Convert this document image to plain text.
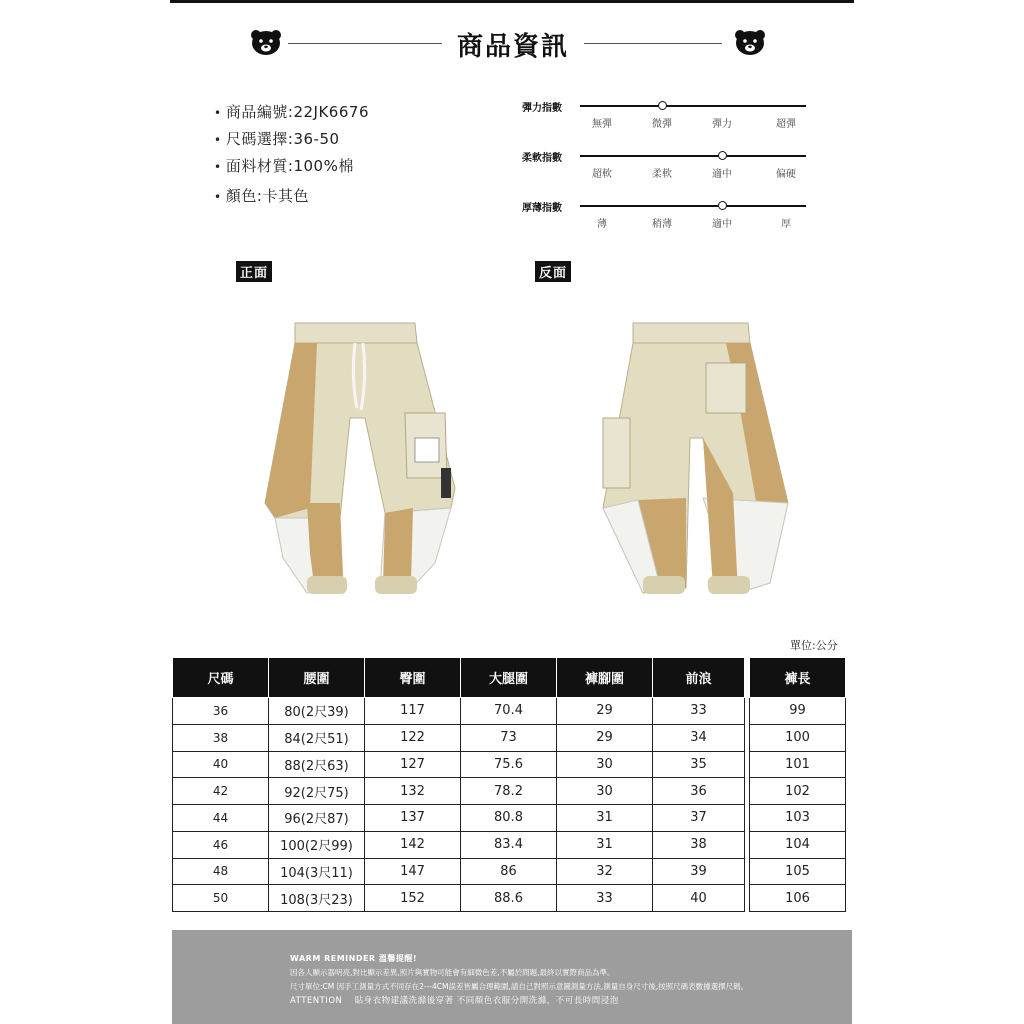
商品資訊
• 商品編號:22JK6676
• 尺碼選擇:36-50
• 面料材質:100%棉
• 顏色:卡其色
彈力指數
無彈	微彈	彈力	超彈
柔軟指數
超軟	柔軟	適中	偏硬
厚薄指數
薄	稍薄	適中	厚
正面	反面
單位:公分
尺碼	腰圍	臀圍	大腿圍	褲腳圍	前浪		褲長
36	80(2尺39)	117	70.4	29	33		99
38	84(2尺51)	122	73	29	34		100
40	88(2尺63)	127	75.6	30	35		101
42	92(2尺75)	132	78.2	30	36		102
44	96(2尺87)	137	80.8	31	37		103
46	100(2尺99)	142	83.4	31	38		104
48	104(3尺11)	147	86	32	39		105
50	108(3尺23)	152	88.6	33	40		106
WARM REMINDER 溫馨提醒!
因各人顯示器明亮,對比顯示差異,照片與實物可能會有細微色差,不屬於問題,最終以實際商品為準。
尺寸單位:CM 因手工測量方式不同存在2---4CM誤差皆屬合理範圍,請自己對照示意圖測量方法,測量自身尺寸後,按照尺碼表數據選擇尺碼。
ATTENTION　 貼身衣物建議洗滌後穿著 不同顏色衣服分開洗滌，不可長時間浸泡
